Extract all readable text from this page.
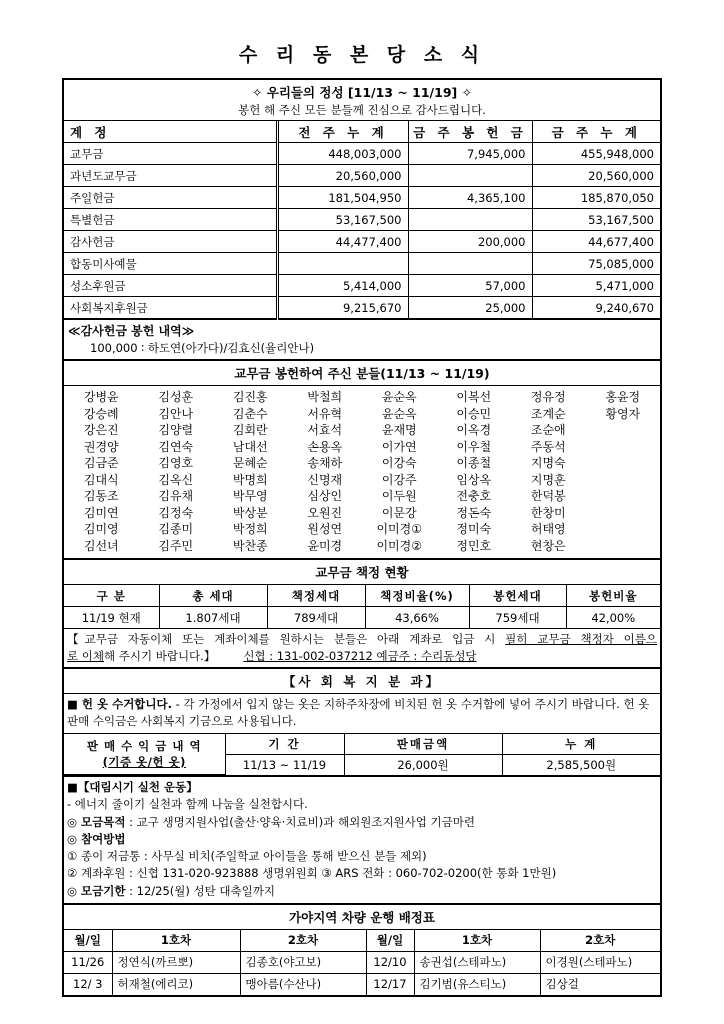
수 리 동 본 당 소 식
✧ 우리들의 정성 [11/13 ~ 11/19] ✧
봉헌 해 주신 모든 분들께 진심으로 감사드립니다.
계 정	전 주 누 계	금 주 봉 헌 금	금 주 누 계
교무금	448,003,000	7,945,000	455,948,000
과년도교무금	20,560,000		20,560,000
주일헌금	181,504,950	4,365,100	185,870,050
특별헌금	53,167,500		53,167,500
감사헌금	44,477,400	200,000	44,677,400
합동미사예물			75,085,000
성소후원금	5,414,000	57,000	5,471,000
사회복지후원금	9,215,670	25,000	9,240,670
≪감사헌금 봉헌 내역≫
100,000 ∶ 하도연(아가다)/김효신(율리안나)
교무금 봉헌하여 주신 분들(11/13 ~ 11/19)
강병윤	김성훈	김진홍	박철희	윤순옥	이복선	정유정	홍윤정
강승례	김안나	김춘수	서유혁	윤순옥	이승민	조계순	황영자
강은진	김양렬	김회란	서효석	윤재명	이옥경	조순애	
권경양	김연숙	남대선	손용옥	이가연	이우철	주동석	
김금준	김영호	문혜순	송채하	이강숙	이종철	지명숙	
김대식	김옥신	박명희	신명재	이강주	임상옥	지명훈	
김동조	김유채	박무영	심상인	이두원	전충호	한덕봉	
김미연	김정숙	박상분	오원진	이문강	정돈숙	한창미	
김미영	김종미	박정희	원성연	이미경①	정미숙	허태영	
김선녀	김주민	박찬종	윤미경	이미경②	정민호	현창은	
교무금 책정 현황
구 분	총 세대	책정세대	책정비율(%)	봉헌세대	봉헌비율
11/19 현재	1.807세대	789세대	43,66%	759세대	42,00%
【교무금 자동이체 또는 계좌이체를 원하시는 분들은 아래 계좌로 입금 시 필히 교무금 책정자 이름으
로 이체해 주시기 바랍니다.】 신협 : 131-002-037212 예금주 : 수리동성당
【사 회 복 지 분 과】
■ 헌 옷 수거합니다. - 각 가정에서 입지 않는 옷은 지하주차장에 비치된 헌 옷 수거함에 넣어 주시기 바랍니다. 헌 옷 판매 수익금은 사회복지 기금으로 사용됩니다.
판 매 수 익 금 내 역
(기증 옷/헌 옷)	기 간	판매금액	누 계
	11/13 ~ 11/19	26,000원	2,585,500원
■【대림시기 실천 운동】
- 에너지 줄이기 실천과 함께 나눔을 실천합시다.
◎ 모금목적 : 교구 생명지원사업(출산·양육·치료비)과 해외원조지원사업 기금마련
◎ 참여방법
① 종이 저금통 : 사무실 비치(주일학교 아이들을 통해 받으신 분들 제외)
② 계좌후원 : 신협 131-020-923888 생명위원회 ③ ARS 전화 : 060-702-0200(한 통화 1만원)
◎ 모금기한 : 12/25(월) 성탄 대축일까지
가야지역 차량 운행 배정표
월/일	1호차	2호차	월/일	1호차	2호차
11/26	정연식(까르뽀)	김종호(야고보)	12/10	송권섭(스테파노)	이경원(스테파노)
12/ 3	허재철(에리코)	맹아름(수산나)	12/17	김기범(유스티노)	김상걸
